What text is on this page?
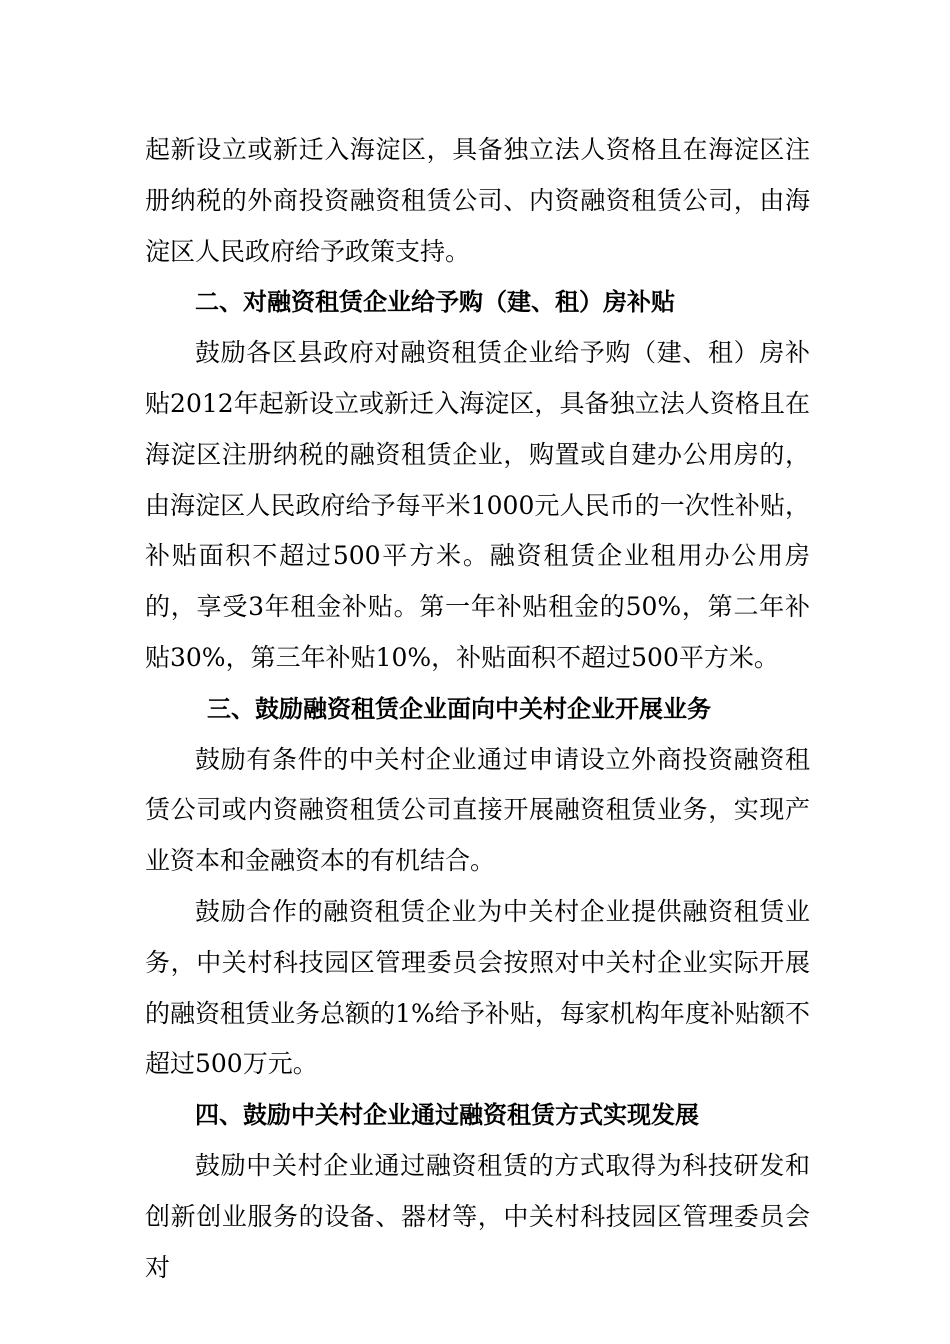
起新设立或新迁入海淀区，具备独立法人资格且在海淀区注册纳税的外商投资融资租赁公司、内资融资租赁公司，由海淀区人民政府给予政策支持。

二、对融资租赁企业给予购（建、租）房补贴

鼓励各区县政府对融资租赁企业给予购（建、租）房补贴2012年起新设立或新迁入海淀区，具备独立法人资格且在海淀区注册纳税的融资租赁企业，购置或自建办公用房的，由海淀区人民政府给予每平米1000元人民币的一次性补贴，补贴面积不超过500平方米。融资租赁企业租用办公用房的，享受3年租金补贴。第一年补贴租金的50%，第二年补贴30%，第三年补贴10%，补贴面积不超过500平方米。

三、鼓励融资租赁企业面向中关村企业开展业务

鼓励有条件的中关村企业通过申请设立外商投资融资租赁公司或内资融资租赁公司直接开展融资租赁业务，实现产业资本和金融资本的有机结合。

鼓励合作的融资租赁企业为中关村企业提供融资租赁业务，中关村科技园区管理委员会按照对中关村企业实际开展的融资租赁业务总额的1%给予补贴，每家机构年度补贴额不超过500万元。

四、鼓励中关村企业通过融资租赁方式实现发展

鼓励中关村企业通过融资租赁的方式取得为科技研发和创新创业服务的设备、器材等，中关村科技园区管理委员会对
